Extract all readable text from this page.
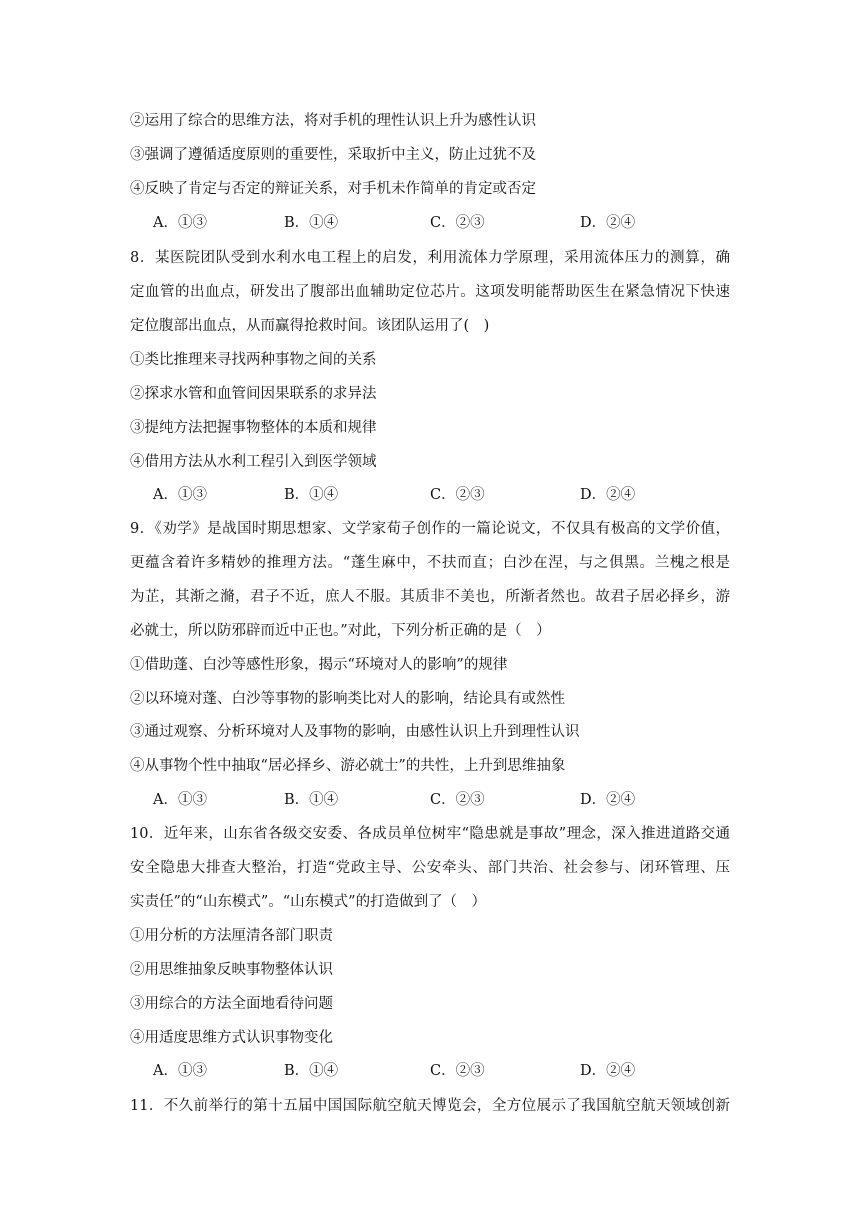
②运用了综合的思维方法，将对手机的理性认识上升为感性认识
③强调了遵循适度原则的重要性，采取折中主义，防止过犹不及
④反映了肯定与否定的辩证关系，对手机未作简单的肯定或否定
A．①③	B．①④	C．②③	D．②④
8．某医院团队受到水利水电工程上的启发，利用流体力学原理，采用流体压力的测算，确
定血管的出血点，研发出了腹部出血辅助定位芯片。这项发明能帮助医生在紧急情况下快速
定位腹部出血点，从而赢得抢救时间。该团队运用了(　)
①类比推理来寻找两种事物之间的关系
②探求水管和血管间因果联系的求异法
③提纯方法把握事物整体的本质和规律
④借用方法从水利工程引入到医学领域
A．①③	B．①④	C．②③	D．②④
9．《劝学》是战国时期思想家、文学家荀子创作的一篇论说文，不仅具有极高的文学价值，
更蕴含着许多精妙的推理方法。“蓬生麻中，不扶而直；白沙在涅，与之俱黑。兰槐之根是
为芷，其渐之滫，君子不近，庶人不服。其质非不美也，所渐者然也。故君子居必择乡，游
必就士，所以防邪辟而近中正也。”对此，下列分析正确的是（　）
①借助蓬、白沙等感性形象，揭示“环境对人的影响”的规律
②以环境对蓬、白沙等事物的影响类比对人的影响，结论具有或然性
③通过观察、分析环境对人及事物的影响，由感性认识上升到理性认识
④从事物个性中抽取“居必择乡、游必就士”的共性，上升到思维抽象
A．①③	B．①④	C．②③	D．②④
10．近年来，山东省各级交安委、各成员单位树牢“隐患就是事故”理念，深入推进道路交通
安全隐患大排查大整治，打造“党政主导、公安牵头、部门共治、社会参与、闭环管理、压
实责任”的“山东模式”。“山东模式”的打造做到了（　）
①用分析的方法厘清各部门职责
②用思维抽象反映事物整体认识
③用综合的方法全面地看待问题
④用适度思维方式认识事物变化
A．①③	B．①④	C．②③	D．②④
11．不久前举行的第十五届中国国际航空航天博览会，全方位展示了我国航空航天领域创新
